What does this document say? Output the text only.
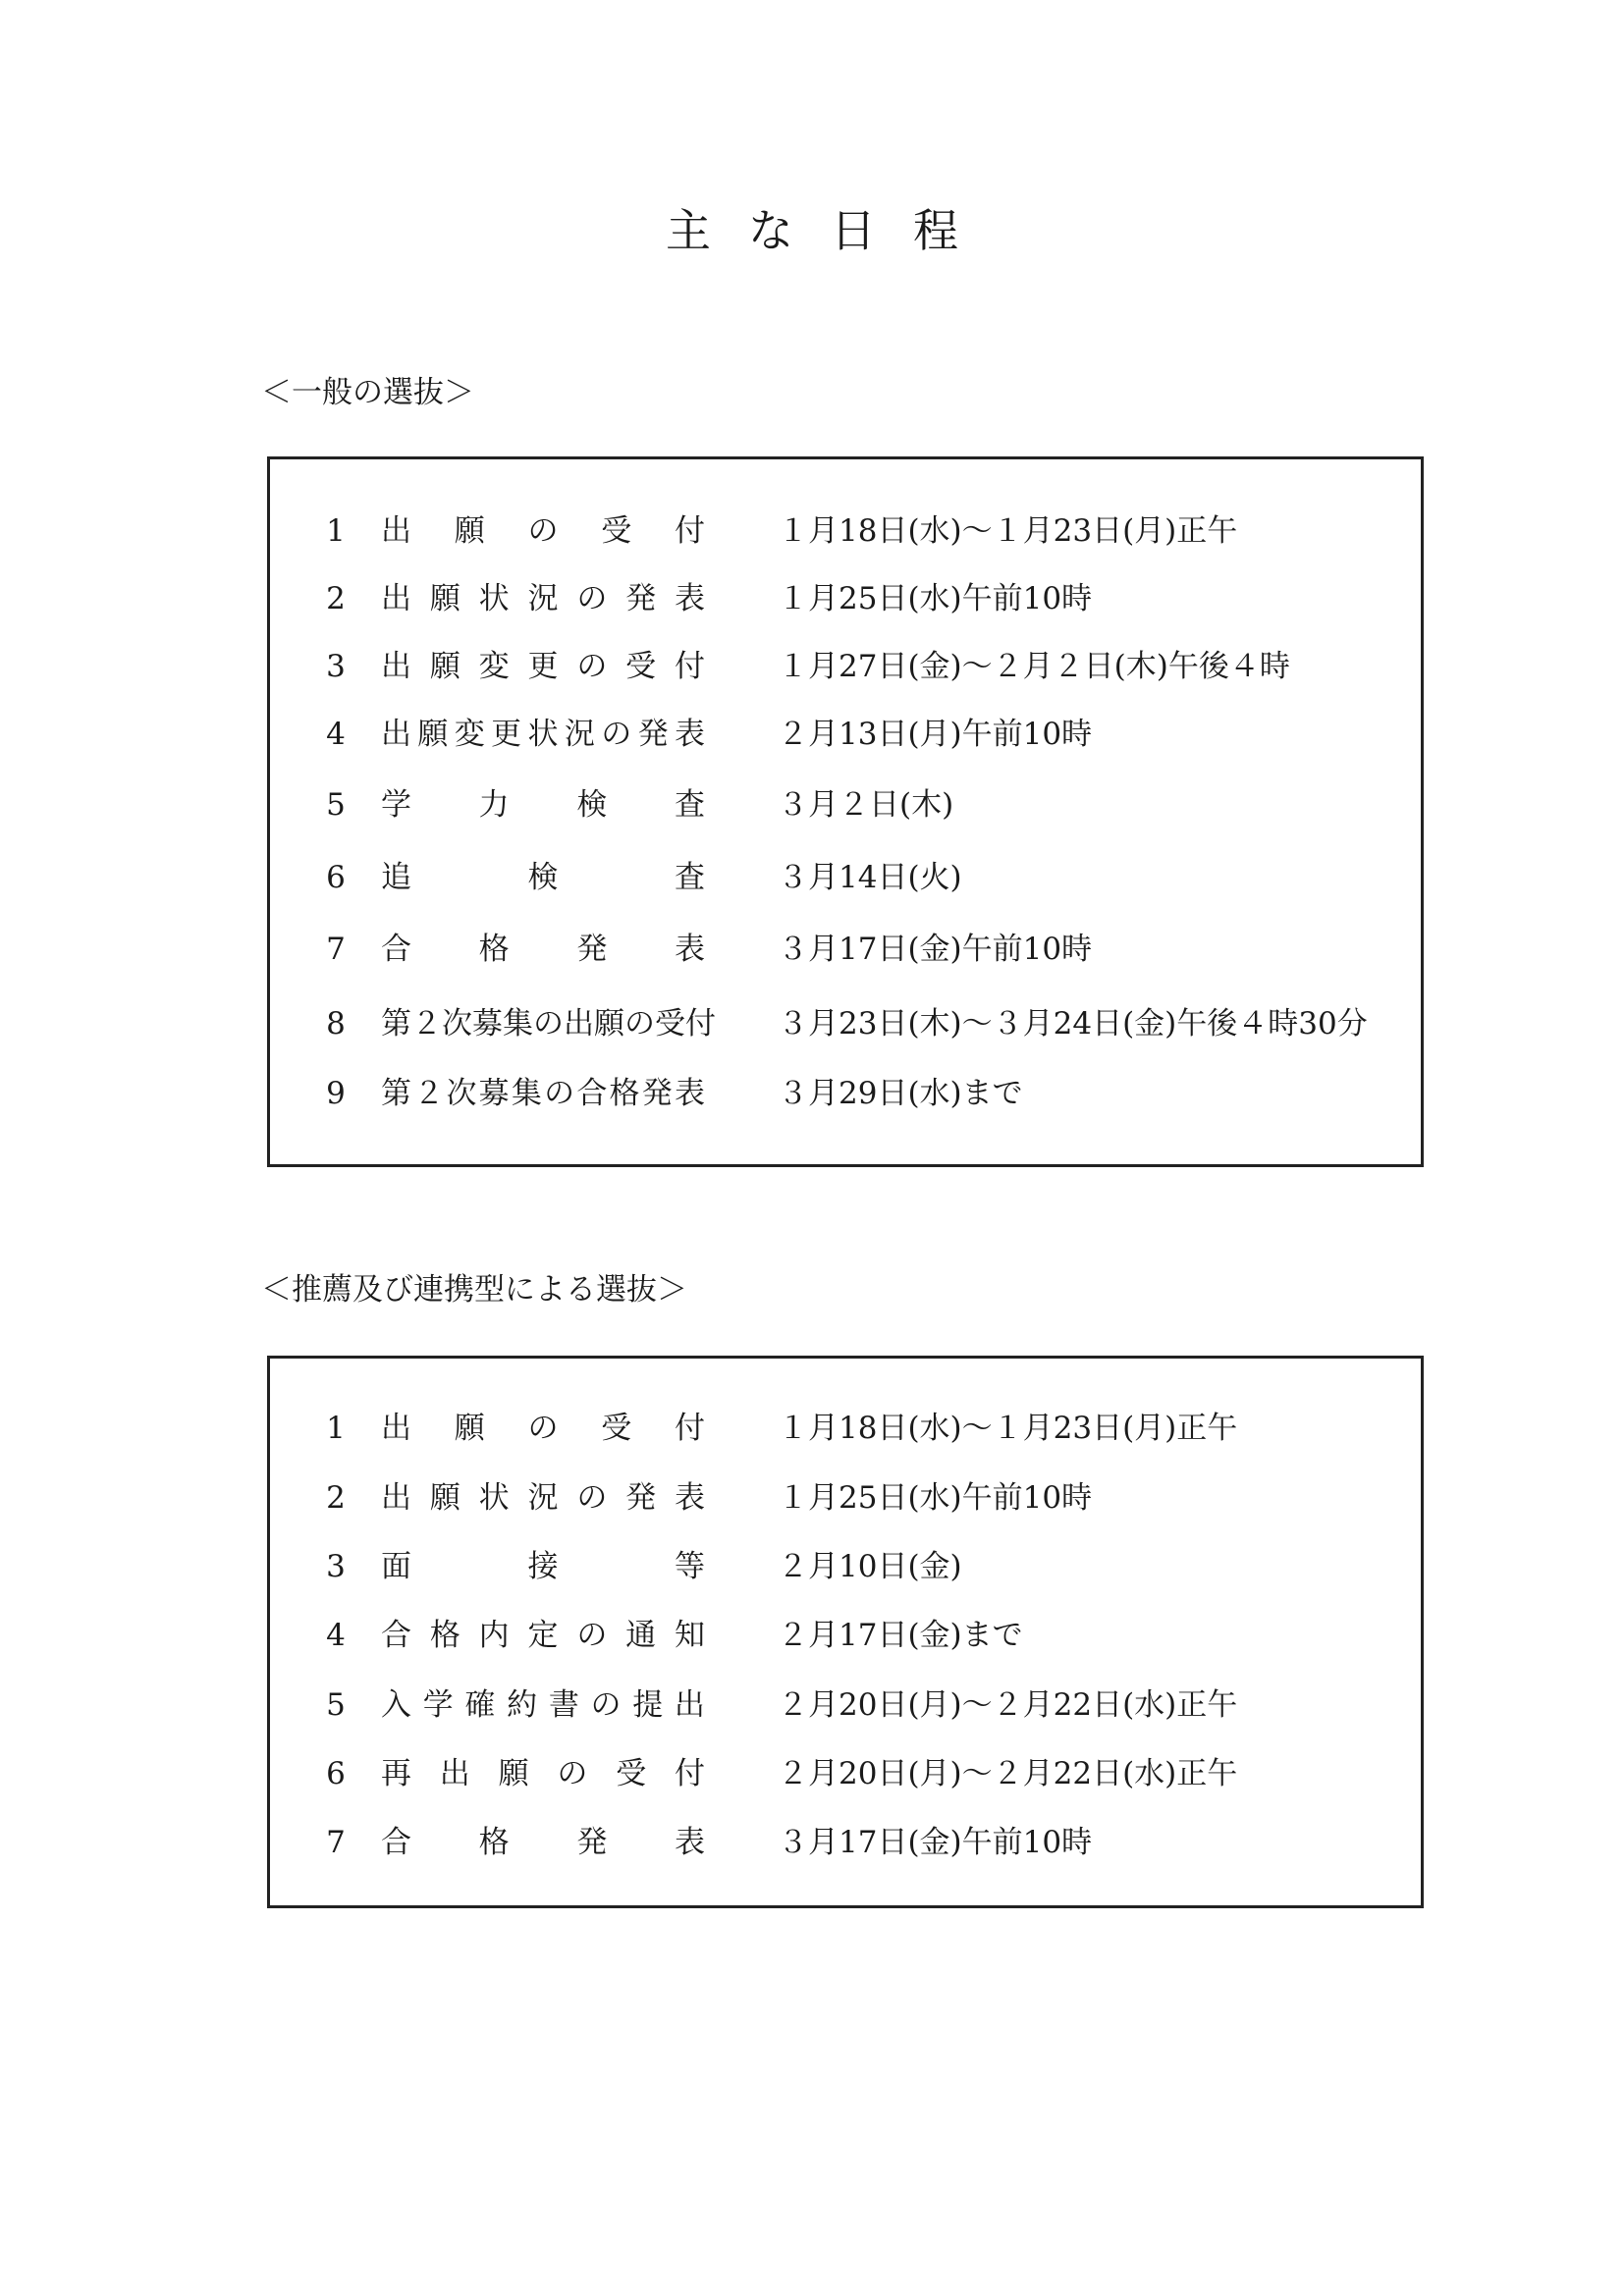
主な日程
＜一般の選抜＞
1 出 願 の 受 付 １月18日(水)～１月23日(月)正午
2 出 願 状 況 の 発 表 １月25日(水)午前10時
3 出 願 変 更 の 受 付 １月27日(金)～２月２日(木)午後４時
4 出 願 変 更 状 況 の 発 表 ２月13日(月)午前10時
5 学 力 検 査 ３月２日(木)
6 追	検	査 ３月14日(火)
7 合 格 発 表 ３月17日(金)午前10時
8 第 ２ 次 募 集 の 出 願 の 受 付 ３月23日(木)～３月24日(金)午後４時30分
9 第 ２ 次 募 集 の 合 格 発 表 ３月29日(水)まで
＜推薦及び連携型による選抜＞
1 出 願 の 受 付 １月18日(水)～１月23日(月)正午
2 出 願 状 況 の 発 表 １月25日(水)午前10時
3 面	接	等 ２月10日(金)
4 合 格 内 定 の 通 知 ２月17日(金)まで
5 入 学 確 約 書 の 提 出 ２月20日(月)～２月22日(水)正午
6 再 出 願 の 受 付 ２月20日(月)～２月22日(水)正午
7 合 格 発 表 ３月17日(金)午前10時
